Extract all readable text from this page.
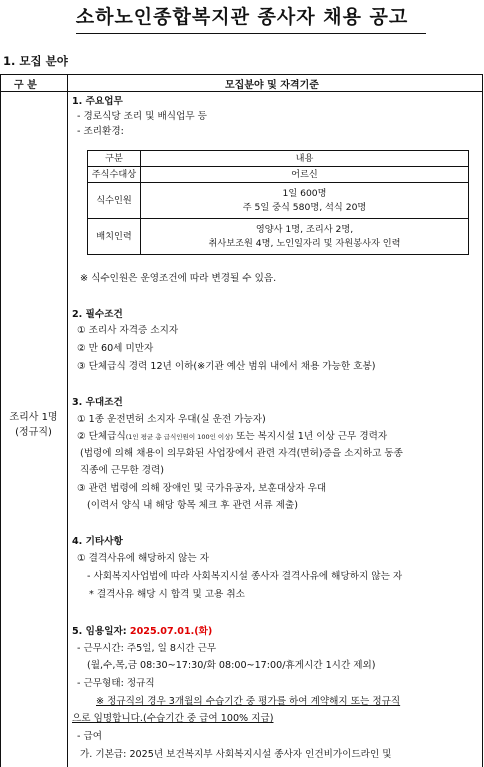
소하노인종합복지관 종사자 채용 공고
1. 모집 분야
구 분	모집분야 및 자격기준
조리사 1명
(정규직)
1. 주요업무
- 경로식당 조리 및 배식업무 등
- 조리환경:
구분	내용
주식수대상	어르신
식수인원	1일 600명
주 5일 중식 580명, 석식 20명

배치인력	영양사 1명, 조리사 2명,
취사보조원 4명, 노인일자리 및 자원봉사자 인력
※ 식수인원은 운영조건에 따라 변경될 수 있음.
2. 필수조건
① 조리사 자격증 소지자
② 만 60세 미만자
③ 단체급식 경력 12년 이하(※기관 예산 범위 내에서 채용 가능한 호봉)
3. 우대조건
① 1종 운전면허 소지자 우대(실 운전 가능자)
② 단체급식(1인 평균 총 급식인원이 100인 이상) 또는 복지시설 1년 이상 근무 경력자
(법령에 의해 채용이 의무화된 사업장에서 관련 자격(면허)증을 소지하고 동종
직종에 근무한 경력)
③ 관련 법령에 의해 장애인 및 국가유공자, 보훈대상자 우대
(이력서 양식 내 해당 항목 체크 후 관련 서류 제출)
4. 기타사항
① 결격사유에 해당하지 않는 자
- 사회복지사업법에 따라 사회복지시설 종사자 결격사유에 해당하지 않는 자
* 결격사유 해당 시 합격 및 고용 취소
5. 임용일자: 2025.07.01.(화)
- 근무시간: 주5일, 일 8시간 근무
(월,수,목,금 08:30~17:30/화 08:00~17:00/휴게시간 1시간 제외)
- 근무형태: 정규직
※ 정규직의 경우 3개월의 수습기간 중 평가를 하여 계약해지 또는 정규직
으로 임명합니다.(수습기간 중 급여 100% 지급)
- 급여
가. 기본급: 2025년 보건복지부 사회복지시설 종사자 인건비가이드라인 및
